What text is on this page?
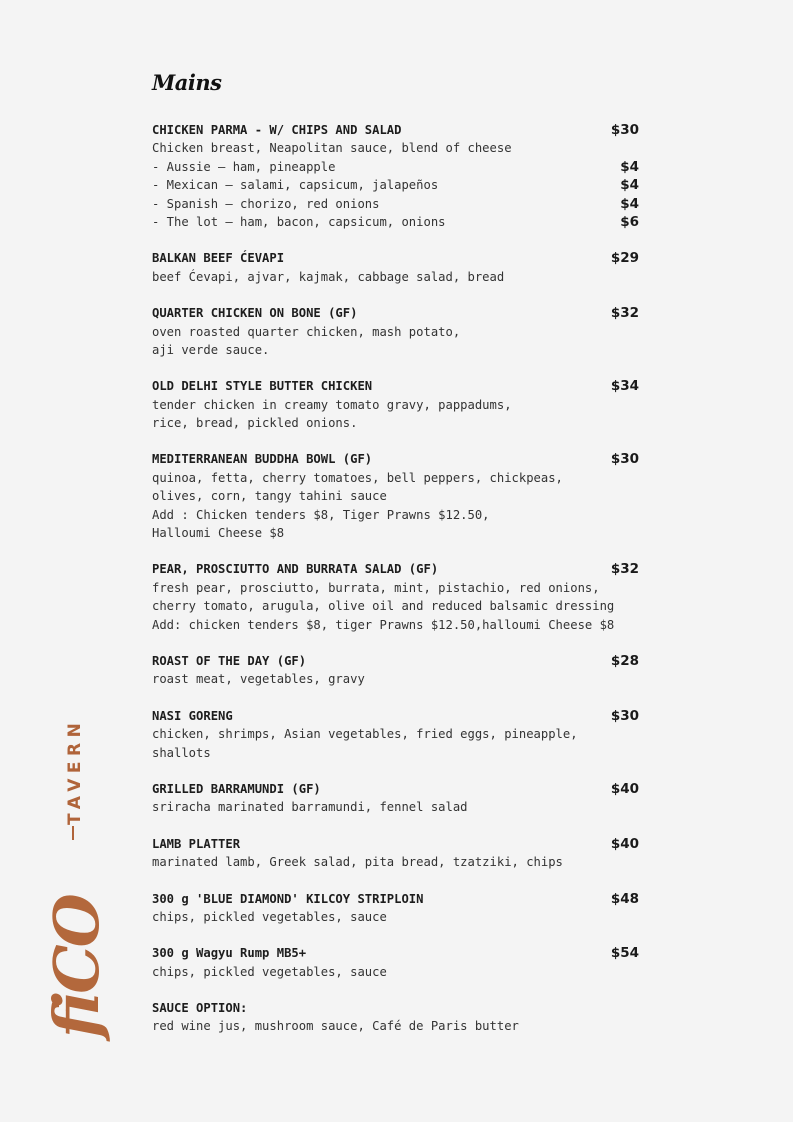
Mains
CHICKEN PARMA - W/ CHIPS AND SALAD	$30
Chicken breast, Neapolitan sauce, blend of cheese
- Aussie – ham, pineapple	$4
- Mexican – salami, capsicum, jalapeños	$4
- Spanish – chorizo, red onions	$4
- The lot – ham, bacon, capsicum, onions	$6
BALKAN BEEF ĆEVAPI	$29
beef Ćevapi, ajvar, kajmak, cabbage salad, bread
QUARTER CHICKEN ON BONE (GF)	$32
oven roasted quarter chicken, mash potato,
aji verde sauce.
OLD DELHI STYLE BUTTER CHICKEN	$34
tender chicken in creamy tomato gravy, pappadums,
rice, bread, pickled onions.
MEDITERRANEAN BUDDHA BOWL (GF)	$30
quinoa, fetta, cherry tomatoes, bell peppers, chickpeas,
olives, corn, tangy tahini sauce
Add : Chicken tenders $8, Tiger Prawns $12.50,
Halloumi Cheese $8
PEAR, PROSCIUTTO AND BURRATA SALAD (GF)	$32
fresh pear, prosciutto, burrata, mint, pistachio, red onions,
cherry tomato, arugula, olive oil and reduced balsamic dressing
Add: chicken tenders $8, tiger Prawns $12.50,halloumi Cheese $8
ROAST OF THE DAY (GF)	$28
roast meat, vegetables, gravy
NASI GORENG	$30
chicken, shrimps, Asian vegetables, fried eggs, pineapple,
shallots
GRILLED BARRAMUNDI (GF)	$40
sriracha marinated barramundi, fennel salad
LAMB PLATTER	$40
marinated lamb, Greek salad, pita bread, tzatziki, chips
300 g 'BLUE DIAMOND' KILCOY STRIPLOIN	$48
chips, pickled vegetables, sauce
300 g Wagyu Rump MB5+	$54
chips, pickled vegetables, sauce
SAUCE OPTION:
red wine jus, mushroom sauce, Café de Paris butter
TAVERN
fiCO
